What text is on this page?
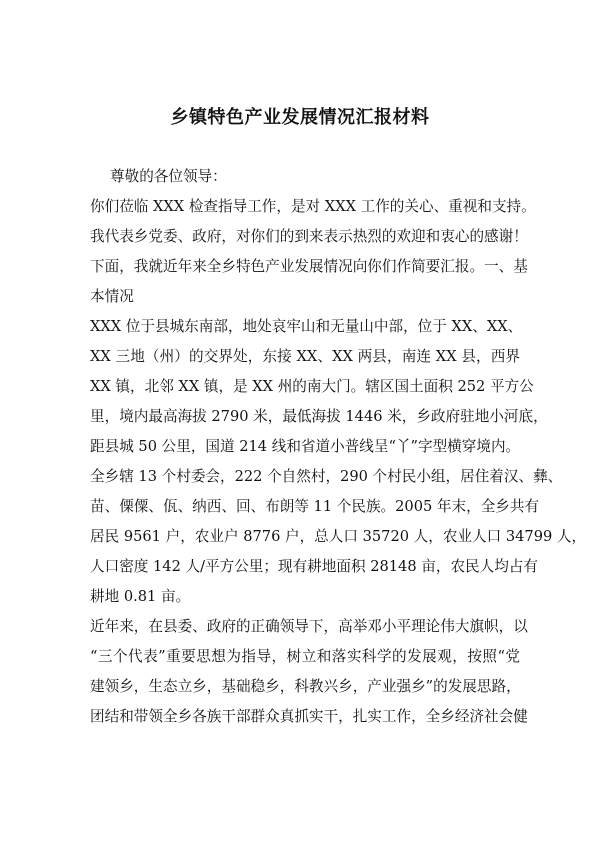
乡镇特色产业发展情况汇报材料
尊敬的各位领导：
你们莅临 XXX 检查指导工作，是对 XXX 工作的关心、重视和支持。
我代表乡党委、政府，对你们的到来表示热烈的欢迎和衷心的感谢！
下面，我就近年来全乡特色产业发展情况向你们作简要汇报。一、基
本情况
XXX 位于县城东南部，地处哀牢山和无量山中部，位于 XX、XX、
XX 三地（州）的交界处，东接 XX、XX 两县，南连 XX 县，西界
XX 镇，北邻 XX 镇，是 XX 州的南大门。辖区国土面积 252 平方公
里，境内最高海拔 2790 米，最低海拔 1446 米，乡政府驻地小河底，
距县城 50 公里，国道 214 线和省道小普线呈“丫”字型横穿境内。
全乡辖 13 个村委会，222 个自然村，290 个村民小组，居住着汉、彝、
苗、傈僳、佤、纳西、回、布朗等 11 个民族。2005 年末，全乡共有
居民 9561 户，农业户 8776 户，总人口 35720 人，农业人口 34799 人，
人口密度 142 人/平方公里；现有耕地面积 28148 亩，农民人均占有
耕地 0.81 亩。
近年来，在县委、政府的正确领导下，高举邓小平理论伟大旗帜，以
“三个代表”重要思想为指导，树立和落实科学的发展观，按照“党
建领乡，生态立乡，基础稳乡，科教兴乡，产业强乡”的发展思路，
团结和带领全乡各族干部群众真抓实干，扎实工作，全乡经济社会健
